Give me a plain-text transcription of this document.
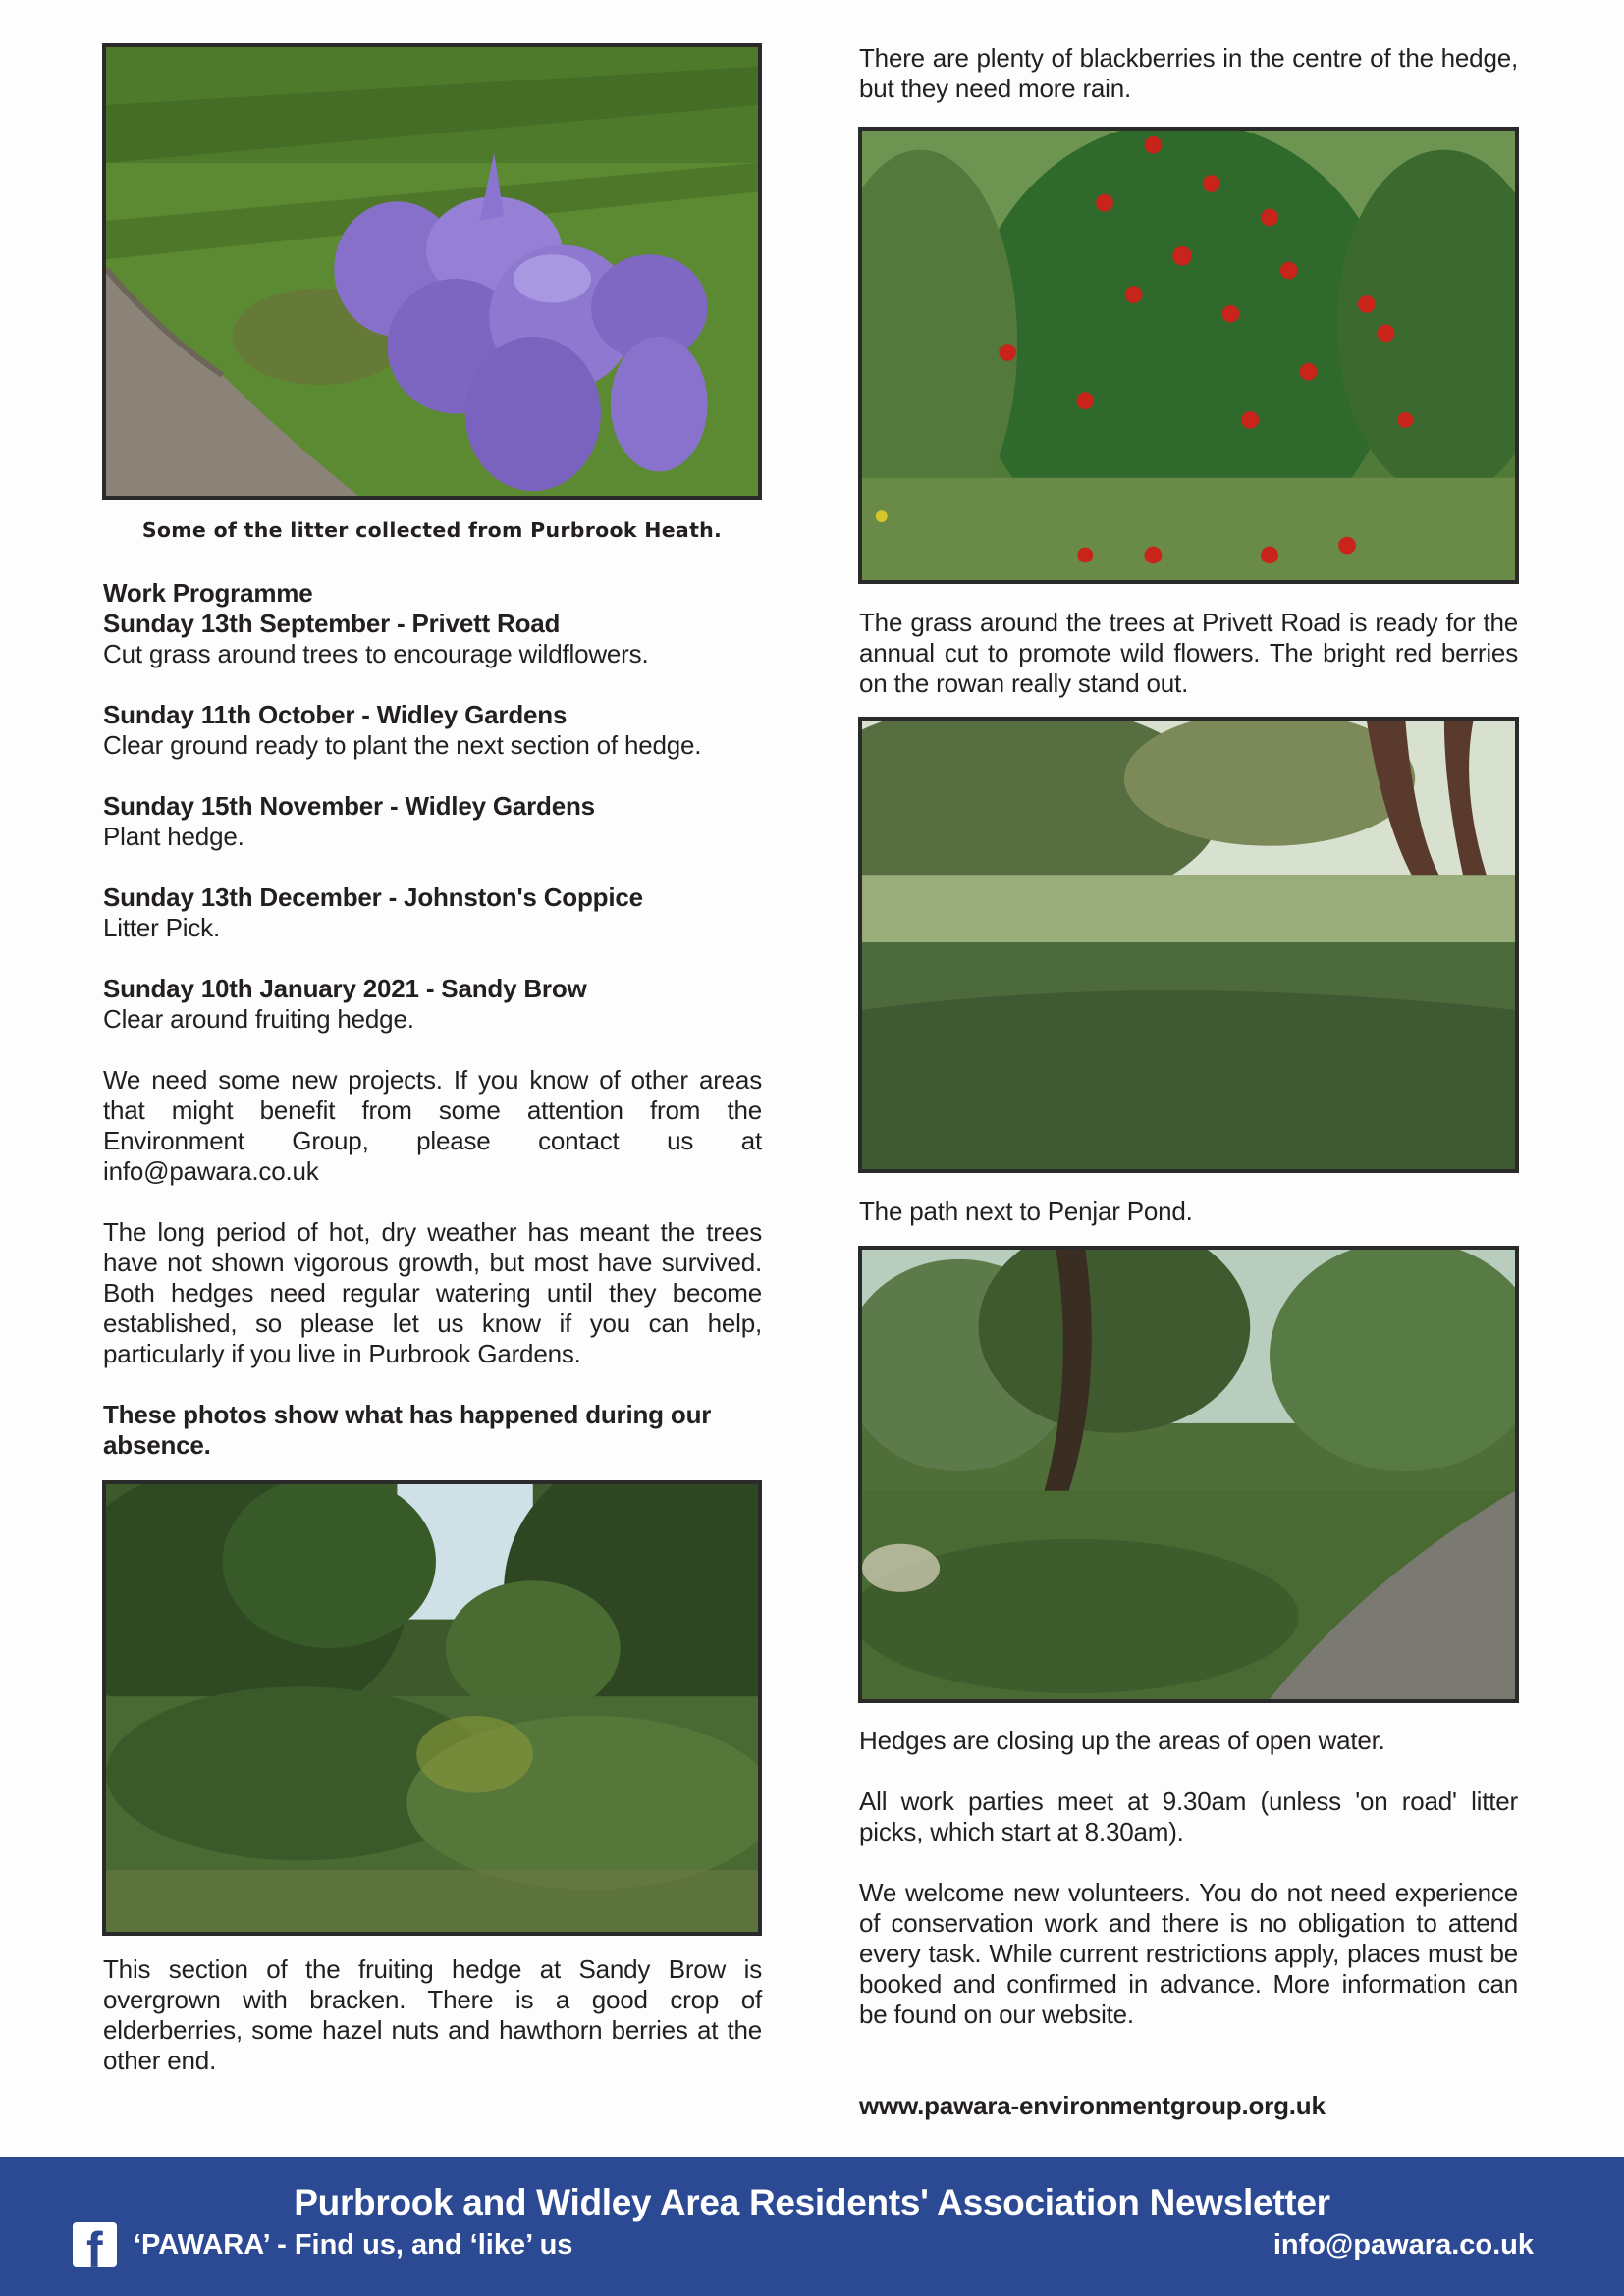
Some of the litter collected from Purbrook Heath.
Work Programme
Sunday 13th September - Privett Road
Cut grass around trees to encourage wildflowers.
Sunday 11th October - Widley Gardens
Clear ground ready to plant the next section of hedge.
Sunday 15th November - Widley Gardens
Plant hedge.
Sunday 13th December - Johnston's Coppice
Litter Pick.
Sunday 10th January 2021 - Sandy Brow
Clear around fruiting hedge.
We need some new projects. If you know of other areas that might benefit from some attention from the Environment Group, please contact us at
info@pawara.co.uk
The long period of hot, dry weather has meant the trees have not shown vigorous growth, but most have survived. Both hedges need regular watering until they become established, so please let us know if you can help, particularly if you live in Purbrook Gardens.
These photos show what has happened during our absence.
This section of the fruiting hedge at Sandy Brow is overgrown with bracken. There is a good crop of elderberries, some hazel nuts and hawthorn berries at the other end.
There are plenty of blackberries in the centre of the hedge, but they need more rain.
The grass around the trees at Privett Road is ready for the annual cut to promote wild flowers. The bright red berries on the rowan really stand out.
The path next to Penjar Pond.
Hedges are closing up the areas of open water.
All work parties meet at 9.30am (unless 'on road' litter picks, which start at 8.30am).
We welcome new volunteers. You do not need experience of conservation work and there is no obligation to attend every task. While current restrictions apply, places must be booked and confirmed in advance. More information can be found on our website.
www.pawara-environmentgroup.org.uk
Purbrook and Widley Area Residents' Association Newsletter
f ‘PAWARA’ - Find us, and ‘like’ us	info@pawara.co.uk
